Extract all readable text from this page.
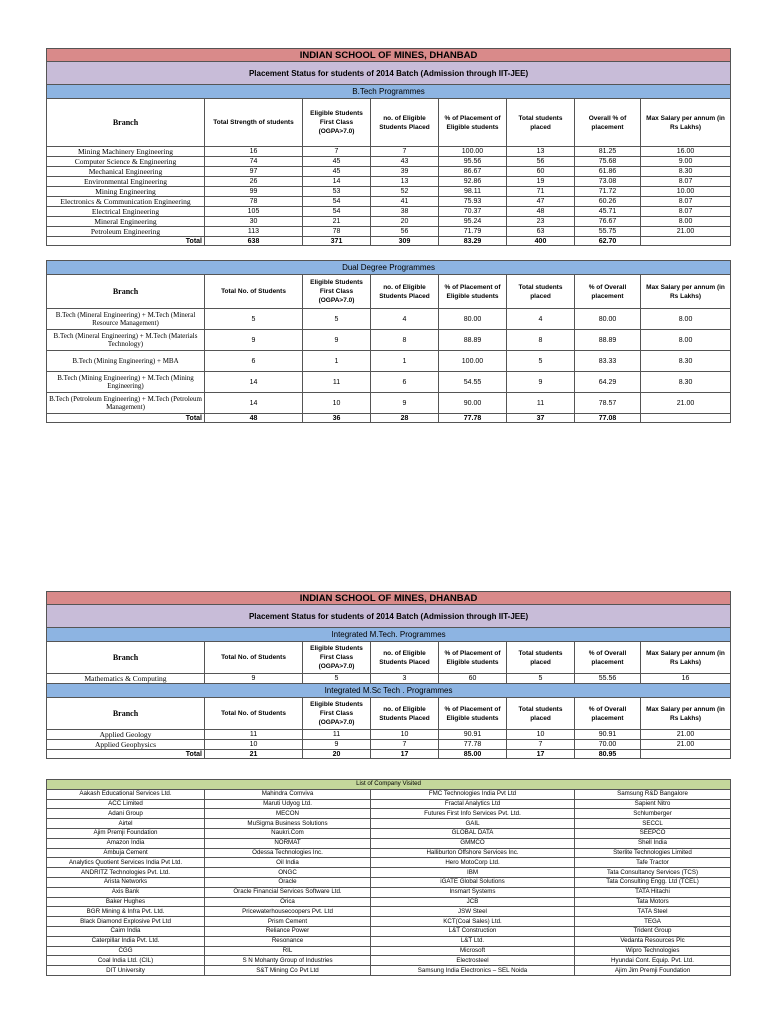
INDIAN SCHOOL OF MINES, DHANBAD							
Placement Status for students of 2014 Batch (Admission through IIT-JEE)							
B.Tech Programmes							
Branch	Total Strength of students	Eligible Students First Class (OGPA>7.0)	no. of Eligible Students Placed	% of Placement of Eligible students	Total students placed	Overall % of placement	Max Salary per annum (in Rs Lakhs)
Mining Machinery Engineering	16	7	7	100.00	13	81.25	16.00
Computer Science & Engineering	74	45	43	95.56	56	75.68	9.00
Mechanical Engineering	97	45	39	86.67	60	61.86	8.30
Environmental Engineering	26	14	13	92.86	19	73.08	8.07
Mining Engineering	99	53	52	98.11	71	71.72	10.00
Electronics & Communication Engineering	78	54	41	75.93	47	60.26	8.07
Electrical Engineering	105	54	38	70.37	48	45.71	8.07
Mineral Engineering	30	21	20	95.24	23	76.67	8.00
Petroleum Engineering	113	78	56	71.79	63	55.75	21.00
Total	638	371	309	83.29	400	62.70	
Dual Degree Programmes							
Branch	Total No. of Students	Eligible Students First Class (OGPA>7.0)	no. of Eligible Students Placed	% of Placement of Eligible students	Total students placed	% of Overall placement	Max Salary per annum (in Rs Lakhs)
B.Tech (Mineral Engineering) + M.Tech (Mineral Resource Management)	5	5	4	80.00	4	80.00	8.00
B.Tech (Mineral Engineering) + M.Tech (Materials Technology)	9	9	8	88.89	8	88.89	8.00
B.Tech (Mining Engineering) + MBA	6	1	1	100.00	5	83.33	8.30
B.Tech (Mining Engineering) + M.Tech (Mining Engineering)	14	11	6	54.55	9	64.29	8.30
B.Tech (Petroleum Engineering) + M.Tech (Petroleum Management)	14	10	9	90.00	11	78.57	21.00
Total	48	36	28	77.78	37	77.08	
INDIAN SCHOOL OF MINES, DHANBAD							
Placement Status for students of 2014 Batch (Admission through IIT-JEE)							
Integrated M.Tech. Programmes							
Branch	Total No. of Students	Eligible Students First Class (OGPA>7.0)	no. of Eligible Students Placed	% of Placement of Eligible students	Total students placed	% of Overall placement	Max Salary per annum (in Rs Lakhs)
Mathematics & Computing	9	5	3	60	5	55.56	16
Integrated M.Sc Tech . Programmes							
Branch	Total No. of Students	Eligible Students First Class (OGPA>7.0)	no. of Eligible Students Placed	% of Placement of Eligible students	Total students placed	% of Overall placement	Max Salary per annum (in Rs Lakhs)
Applied Geology	11	11	10	90.91	10	90.91	21.00
Applied Geophysics	10	9	7	77.78	7	70.00	21.00
Total	21	20	17	85.00	17	80.95	
List of Company Visited			
Aakash Educational Services Ltd.	Mahindra Comviva	FMC Technologies India Pvt Ltd	Samsung R&D Bangalore
ACC Limited	Maruti Udyog Ltd.	Fractal Analytics Ltd	Sapient Nitro
Adani Group	MECON	Futures First Info Services Pvt. Ltd.	Schlumberger
Airtel	MuSigma Business Solutions	GAIL	SECCL
Ajim Premji Foundation	Naukri.Com	GLOBAL DATA	SEEPCO
Amazon India	NORMAT	GMMCO	Shell India
Ambuja Cement	Odessa Technologies Inc.	Halliburton Offshore Services Inc.	Sterlite Technologies Limited
Analytics Quotient Services India Pvt Ltd.	Oil India	Hero MotoCorp Ltd.	Tafe Tractor
ANDRITZ Technologies Pvt. Ltd.	ONGC	IBM	Tata Consultancy Services (TCS)
Arista Networks	Oracle	iGATE Global Solutions	Tata Consulting Engg. Ltd (TCEL)
Axis Bank	Oracle Financial Services Software Ltd.	Insmart Systems	TATA Hitachi
Baker Hughes	Orica	JCB	Tata Motors
BGR Mining & Infra Pvt. Ltd.	Pricewaterhousecoopers Pvt. Ltd	JSW Steel	TATA Steel
Black Diamond Explosive Pvt Ltd	Prism Cement	KCT(Coal Sales) Ltd.	TEGA
Cairn India	Reliance Power	L&T Construction	Trident Group
Caterpillar India Pvt. Ltd.	Resonance	L&T Ltd.	Vedanta Resources Plc
CGG	RIL	Microsoft	Wipro Technologies
Coal India Ltd. (CIL)	S N Mohanty Group of Industries	Electrosteel	Hyundai Cont. Equip. Pvt. Ltd.
DIT University	S&T Mining Co Pvt Ltd	Samsung India Electronics – SEL Noida	Ajim Jim Premji Foundation
